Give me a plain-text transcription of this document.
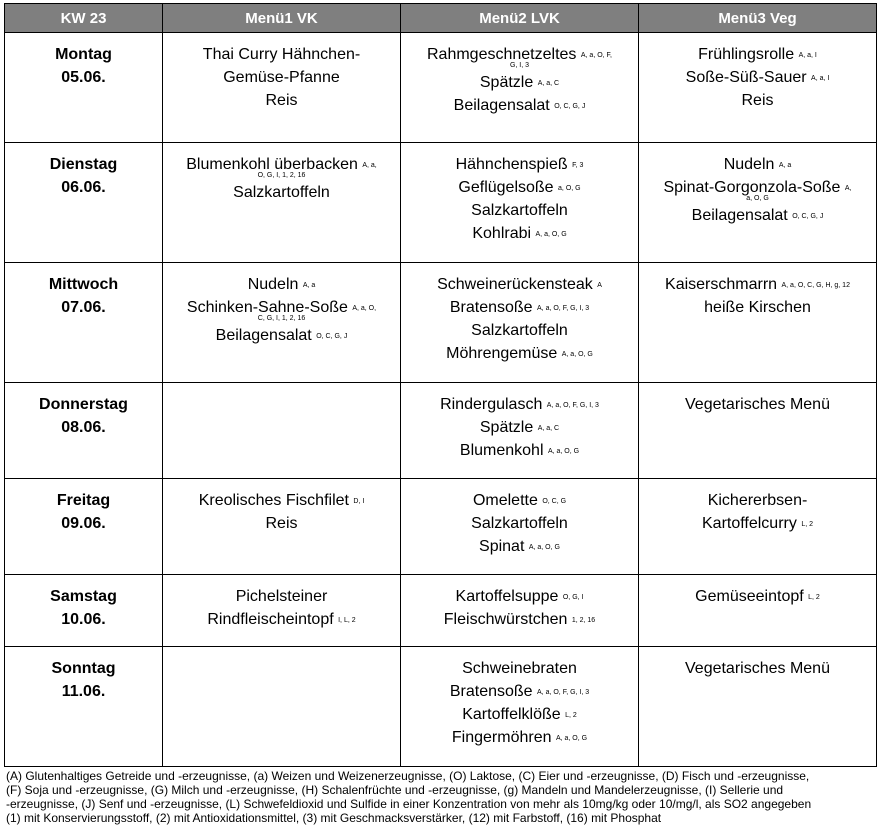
KW 23	Menü1 VK	Menü2 LVK	Menü3 Veg

Montag
05.06.	Thai Curry Hähnchen-
Gemüse-Pfanne
Reis	Rahmgeschnetzeltes $^{A, a, O, F,}$
G, I, 3
Spätzle $^{A, a, C}$
Beilagensalat $^{O, C, G, J}$	Frühlingsrolle $^{A, a, I}$
Soße-Süß-Sauer $^{A, a, I}$
Reis

Dienstag
06.06.	Blumenkohl überbacken $^{A, a,}$
O, G, I, 1, 2, 16
Salzkartoffeln	Hähnchenspieß $^{F, 3}$
Geflügelsoße $^{a, O, G}$
Salzkartoffeln
Kohlrabi $^{A, a, O, G}$	Nudeln $^{A, a}$
Spinat-Gorgonzola-Soße $^{A,}$
a, O, G
Beilagensalat $^{O, C, G, J}$

Mittwoch
07.06.	Nudeln $^{A, a}$
Schinken-Sahne-Soße $^{A, a, O,}$
C, G, I, 1, 2, 16
Beilagensalat $^{O, C, G, J}$	Schweinerückensteak $^A$
Bratensoße $^{A, a, O, F, G, I, 3}$
Salzkartoffeln
Möhrengemüse $^{A, a, O, G}$	Kaiserschmarrn $^{A, a, O, C, G, H, g, 12}$
heiße Kirschen

Donnerstag
08.06.		Rindergulasch $^{A, a, O, F, G, I, 3}$
Spätzle $^{A, a, C}$
Blumenkohl $^{A, a, O, G}$	Vegetarisches Menü

Freitag
09.06.	Kreolisches Fischfilet $^{D, I}$
Reis	Omelette $^{O, C, G}$
Salzkartoffeln
Spinat $^{A, a, O, G}$	Kichererbsen-
Kartoffelcurry $^{L, 2}$

Samstag
10.06.	Pichelsteiner
Rindfleischeintopf $^{I, L, 2}$	Kartoffelsuppe $^{O, G, I}$
Fleischwürstchen $^{1, 2, 16}$	Gemüseeintopf $^{L, 2}$

Sonntag
11.06.		Schweinebraten
Bratensoße $^{A, a, O, F, G, I, 3}$
Kartoffelklöße $^{L, 2}$
Fingermöhren $^{A, a, O, G}$	Vegetarisches Menü
(A) Glutenhaltiges Getreide und -erzeugnisse, (a) Weizen und Weizenerzeugnisse, (O) Laktose, (C) Eier und -erzeugnisse, (D) Fisch und -erzeugnisse,
(F) Soja und -erzeugnisse, (G) Milch und -erzeugnisse, (H) Schalenfrüchte und -erzeugnisse, (g) Mandeln und Mandelerzeugnisse, (I) Sellerie und
-erzeugnisse, (J) Senf und -erzeugnisse, (L) Schwefeldioxid und Sulfide in einer Konzentration von mehr als 10mg/kg oder 10/mg/l, als SO2 angegeben
(1) mit Konservierungsstoff, (2) mit Antioxidationsmittel, (3) mit Geschmacksverstärker, (12) mit Farbstoff, (16) mit Phosphat
